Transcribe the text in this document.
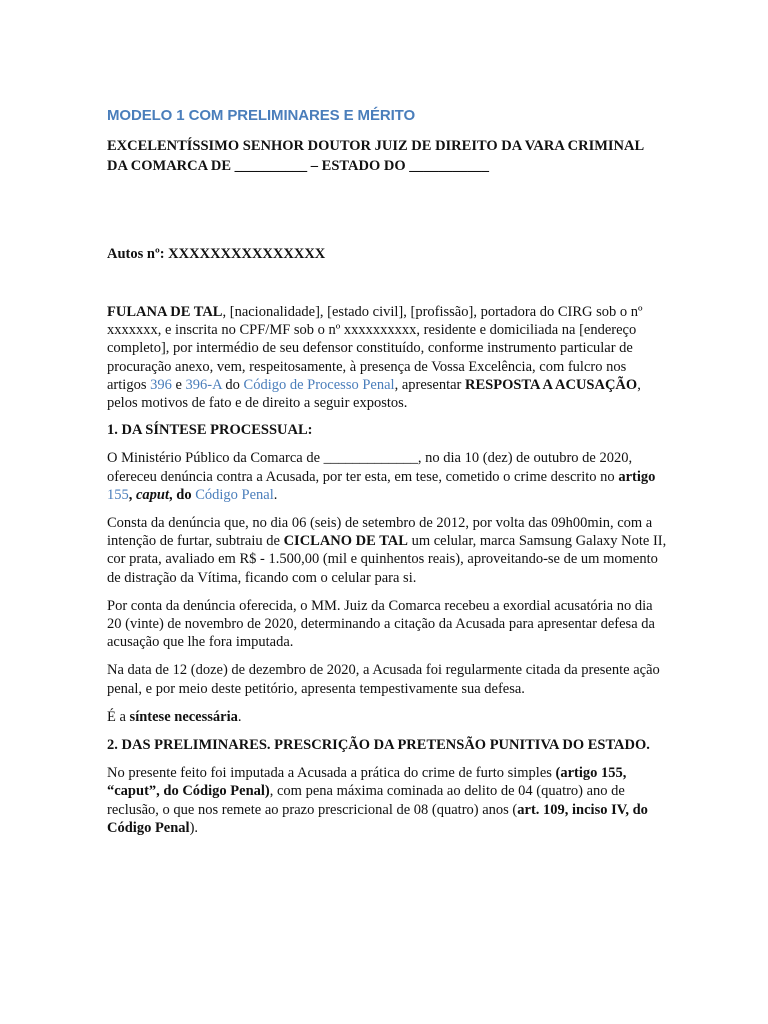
MODELO 1 COM PRELIMINARES E MÉRITO
EXCELENTÍSSIMO SENHOR DOUTOR JUIZ DE DIREITO DA VARA CRIMINAL DA COMARCA DE __________ – ESTADO DO ___________
Autos nº: XXXXXXXXXXXXXXX

FULANA DE TAL, [nacionalidade], [estado civil], [profissão], portadora do CIRG sob o nº xxxxxxx, e inscrita no CPF/MF sob o nº xxxxxxxxxx, residente e domiciliada na [endereço completo], por intermédio de seu defensor constituído, conforme instrumento particular de procuração anexo, vem, respeitosamente, à presença de Vossa Excelência, com fulcro nos artigos 396 e 396-A do Código de Processo Penal, apresentar RESPOSTA A ACUSAÇÃO, pelos motivos de fato e de direito a seguir expostos.

1. DA SÍNTESE PROCESSUAL:

O Ministério Público da Comarca de _____________, no dia 10 (dez) de outubro de 2020, ofereceu denúncia contra a Acusada, por ter esta, em tese, cometido o crime descrito no artigo 155, caput, do Código Penal.

Consta da denúncia que, no dia 06 (seis) de setembro de 2012, por volta das 09h00min, com a intenção de furtar, subtraiu de CICLANO DE TAL um celular, marca Samsung Galaxy Note II, cor prata, avaliado em R$ - 1.500,00 (mil e quinhentos reais), aproveitando-se de um momento de distração da Vítima, ficando com o celular para si.

Por conta da denúncia oferecida, o MM. Juiz da Comarca recebeu a exordial acusatória no dia 20 (vinte) de novembro de 2020, determinando a citação da Acusada para apresentar defesa da acusação que lhe fora imputada.

Na data de 12 (doze) de dezembro de 2020, a Acusada foi regularmente citada da presente ação penal, e por meio deste petitório, apresenta tempestivamente sua defesa.

É a síntese necessária.

2. DAS PRELIMINARES. PRESCRIÇÃO DA PRETENSÃO PUNITIVA DO ESTADO.

No presente feito foi imputada a Acusada a prática do crime de furto simples (artigo 155, “caput”, do Código Penal), com pena máxima cominada ao delito de 04 (quatro) ano de reclusão, o que nos remete ao prazo prescricional de 08 (quatro) anos (art. 109, inciso IV, do Código Penal).
